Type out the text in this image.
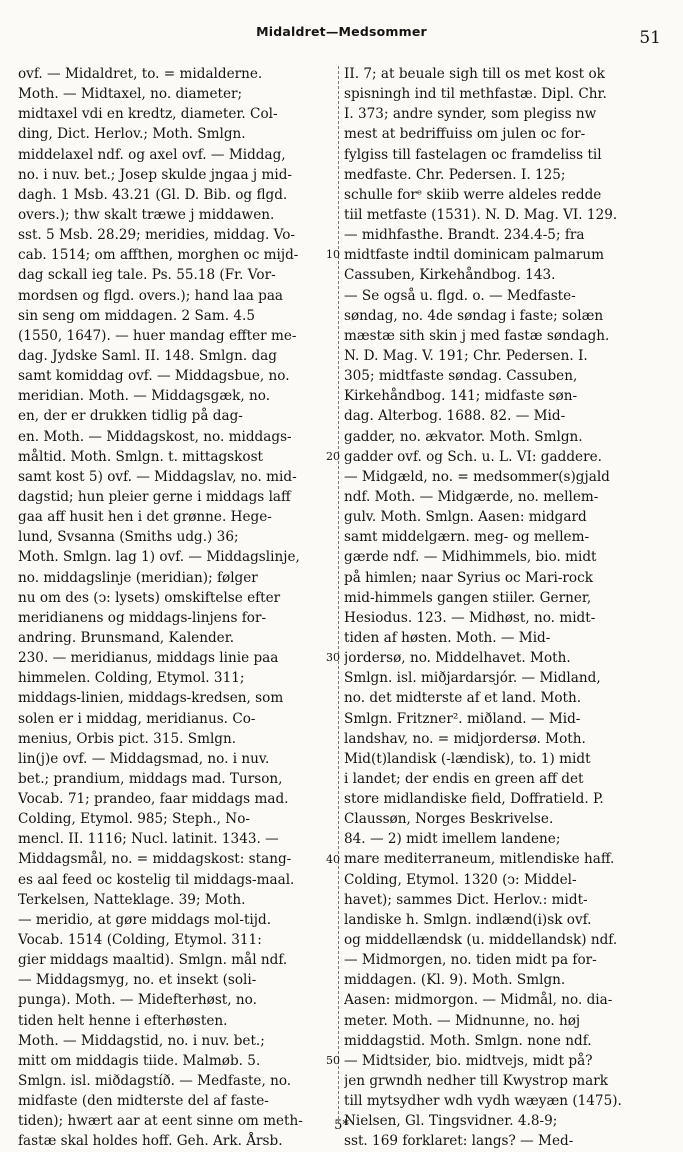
Midaldret—Medsommer	51
ovf. — Midaldret, to. = midalderne.
Moth. — Midtaxel, no. diameter;
midtaxel vdi en kredtz, diameter. Col-
ding, Dict. Herlov.; Moth. Smlgn.
middelaxel ndf. og axel ovf. — Middag,
no. i nuv. bet.; Josep skulde jngaa j mid-
dagh. 1 Msb. 43.21 (Gl. D. Bib. og flgd.
overs.); thw skalt træwe j middawen.
sst. 5 Msb. 28.29; meridies, middag. Vo-
cab. 1514; om affthen, morghen oc mijd-
dag sckall ieg tale. Ps. 55.18 (Fr. Vor-
mordsen og flgd. overs.); hand laa paa
sin seng om middagen. 2 Sam. 4.5
(1550, 1647). — huer mandag effter me-
dag. Jydske Saml. II. 148. Smlgn. dag
samt komiddag ovf. — Middagsbue, no.
meridian. Moth. — Middagsgæk, no.
en, der er drukken tidlig på dag-
en. Moth. — Middagskost, no. middags-
måltid. Moth. Smlgn. t. mittagskost
samt kost 5) ovf. — Middagslav, no. mid-
dagstid; hun pleier gerne i middags laff
gaa aff husit hen i det grønne. Hege-
lund, Svsanna (Smiths udg.) 36;
Moth. Smlgn. lag 1) ovf. — Middagslinje,
no. middagslinje (meridian); følger
nu om des (ↄ: lysets) omskiftelse efter
meridianens og middags-linjens for-
andring. Brunsmand, Kalender.
230. — meridianus, middags linie paa
himmelen. Colding, Etymol. 311;
middags-linien, middags-kredsen, som
solen er i middag, meridianus. Co-
menius, Orbis pict. 315. Smlgn.
lin(j)e ovf. — Middagsmad, no. i nuv.
bet.; prandium, middags mad. Turson,
Vocab. 71; prandeo, faar middags mad.
Colding, Etymol. 985; Steph., No-
mencl. II. 1116; Nucl. latinit. 1343. —
Middagsmål, no. = middagskost: stang-
es aal feed oc kostelig til middags-maal.
Terkelsen, Natteklage. 39; Moth.
— meridio, at gøre middags mol-tijd.
Vocab. 1514 (Colding, Etymol. 311:
gier middags maaltid). Smlgn. mål ndf.
— Middagsmyg, no. et insekt (soli-
punga). Moth. — Midefterhøst, no.
tiden helt henne i efterhøsten.
Moth. — Middagstid, no. i nuv. bet.;
mitt om middagis tiide. Malmøb. 5.
Smlgn. isl. miðdagstíð. — Medfaste, no.
midfaste (den midterste del af faste-
tiden); hwært aar at eent sinne om meth-
fastæ skal holdes hoff. Geh. Ark. Årsb.
10
20
30
40
50
II. 7; at beuale sigh till os met kost ok
spisningh ind til methfastæ. Dipl. Chr.
I. 373; andre synder, som plegiss nw
mest at bedriffuiss om julen oc for-
fylgiss till fastelagen oc framdeliss til
medfaste. Chr. Pedersen. I. 125;
schulle forᵉ skiib werre aldeles redde
tiil metfaste (1531). N. D. Mag. VI. 129.
— midhfasthe. Brandt. 234.4-5; fra
midtfaste indtil dominicam palmarum
Cassuben, Kirkehåndbog. 143.
— Se også u. flgd. o. — Medfaste-
søndag, no. 4de søndag i faste; solæn
mæstæ sith skin j med fastæ søndagh.
N. D. Mag. V. 191; Chr. Pedersen. I.
305; midtfaste søndag. Cassuben,
Kirkehåndbog. 141; midfaste søn-
dag. Alterbog. 1688. 82. — Mid-
gadder, no. ækvator. Moth. Smlgn.
gadder ovf. og Sch. u. L. VI: gaddere.
— Midgæld, no. = medsommer(s)gjald
ndf. Moth. — Midgærde, no. mellem-
gulv. Moth. Smlgn. Aasen: midgard
samt middelgærn. meg- og mellem-
gærde ndf. — Midhimmels, bio. midt
på himlen; naar Syrius oc Mari-rock
mid-himmels gangen stiiler. Gerner,
Hesiodus. 123. — Midhøst, no. midt-
tiden af høsten. Moth. — Mid-
jordersø, no. Middelhavet. Moth.
Smlgn. isl. miðjardarsjór. — Midland,
no. det midterste af et land. Moth.
Smlgn. Fritzner². miðland. — Mid-
landshav, no. = midjordersø. Moth.
Mid(t)landisk (-lændisk), to. 1) midt
i landet; der endis en green aff det
store midlandiske field, Doffratield. P.
Claussøn, Norges Beskrivelse.
84. — 2) midt imellem landene;
mare mediterraneum, mitlendiske haff.
Colding, Etymol. 1320 (ↄ: Middel-
havet); sammes Dict. Herlov.: midt-
landiske h. Smlgn. indlænd(i)sk ovf.
og middellændsk (u. middellandsk) ndf.
— Midmorgen, no. tiden midt pa for-
middagen. (Kl. 9). Moth. Smlgn.
Aasen: midmorgon. — Midmål, no. dia-
meter. Moth. — Midnunne, no. høj
middagstid. Moth. Smlgn. none ndf.
— Midtsider, bio. midtvejs, midt på?
jen grwndh nedher till Kwystrop mark
till mytsydher wdh vydh wæyæn (1475).
Nielsen, Gl. Tingsvidner. 4.8-9;
sst. 169 forklaret: langs? — Med-
5*
